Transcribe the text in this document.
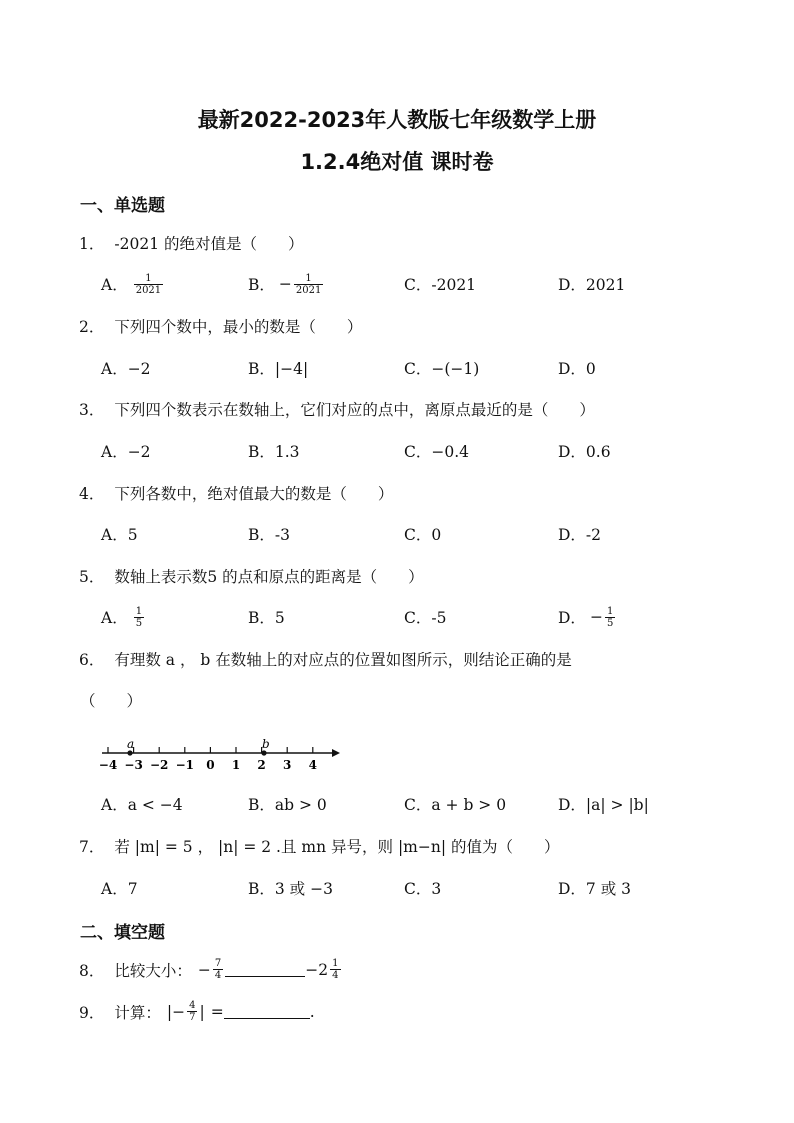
最新2022-2023年人教版七年级数学上册
1.2.4绝对值 课时卷
一、单选题
1． -2021 的绝对值是（　　）
A． $\frac{1}{2021}$	B． − $\frac{1}{2021}$	C．-2021	D．2021
2． 下列四个数中，最小的数是（　　）
A．−2	B．|−4|	C．−(−1)	D．0
3． 下列四个数表示在数轴上，它们对应的点中，离原点最近的是（　　）
A．−2	B．1.3	C．−0.4	D．0.6
4． 下列各数中，绝对值最大的数是（　　）
A．5	B．-3	C．0	D．-2
5． 数轴上表示数5 的点和原点的距离是（　　）
A． $\frac{1}{5}$	B．5	C．-5	D． − $\frac{1}{5}$
6． 有理数 a ， b 在数轴上的对应点的位置如图所示，则结论正确的是
（　　）
−4 −3 −2 −1 0 1 2 3 4
a	b
A．a < −4	B．ab > 0	C．a + b > 0	D．|a| > |b|
7． 若 |m| = 5 ， |n| = 2 .且 mn 异号，则 |m−n| 的值为（　　）
A．7	B．3 或 −3	C．3	D．7 或 3
二、填空题
8． 比较大小： − $\frac{7}{4}$	$-2 \frac{1}{4}$
9． 计算： |− $\frac{4}{7}$ | =	.
